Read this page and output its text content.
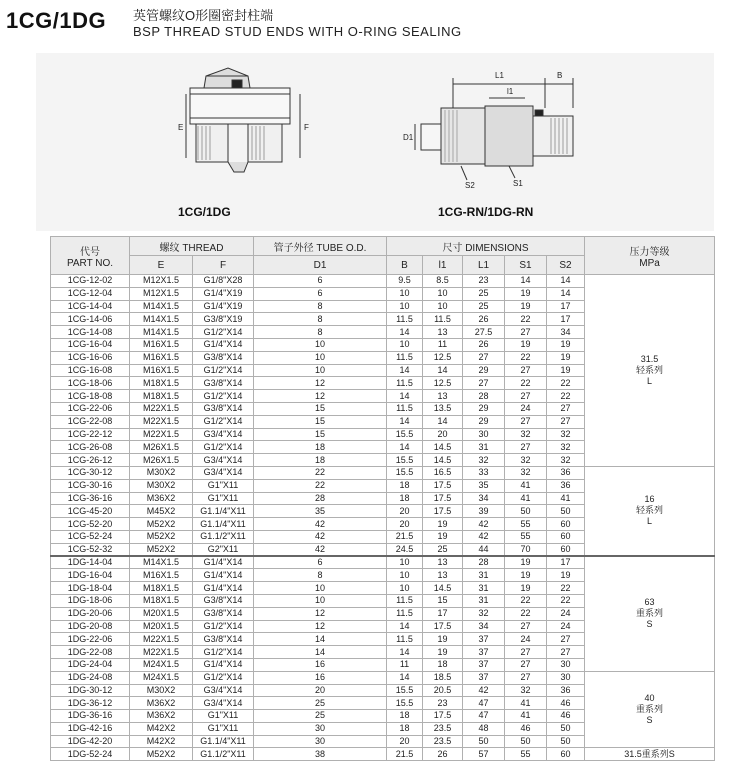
1CG/1DG 英管螺纹O形圈密封柱端
BSP THREAD STUD ENDS WITH O-RING SEALING
E	F
1CG/1DG
L1	B
l1
D1
S1
S2
1CG-RN/1DG-RN
代号
PART NO.	螺纹 THREAD		管子外径 TUBE O.D.	尺寸 DIMENSIONS					压力等级
MPa
	E	F	D1	B	l1	L1	S1	S2	
1CG-12-02	M12X1.5	G1/8"X28	6	9.5	8.5	23	14	14	31.5
轻系列
L
1CG-12-04	M12X1.5	G1/4"X19	6	10	10	25	19	14	
1CG-14-04	M14X1.5	G1/4"X19	8	10	10	25	19	17	
1CG-14-06	M14X1.5	G3/8"X19	8	11.5	11.5	26	22	17	
1CG-14-08	M14X1.5	G1/2"X14	8	14	13	27.5	27	34	
1CG-16-04	M16X1.5	G1/4"X14	10	10	11	26	19	19	
1CG-16-06	M16X1.5	G3/8"X14	10	11.5	12.5	27	22	19	
1CG-16-08	M16X1.5	G1/2"X14	10	14	14	29	27	19	
1CG-18-06	M18X1.5	G3/8"X14	12	11.5	12.5	27	22	22	
1CG-18-08	M18X1.5	G1/2"X14	12	14	13	28	27	22	
1CG-22-06	M22X1.5	G3/8"X14	15	11.5	13.5	29	24	27	
1CG-22-08	M22X1.5	G1/2"X14	15	14	14	29	27	27	
1CG-22-12	M22X1.5	G3/4"X14	15	15.5	20	30	32	32	
1CG-26-08	M26X1.5	G1/2"X14	18	14	14.5	31	27	32	
1CG-26-12	M26X1.5	G3/4"X14	18	15.5	14.5	32	32	32	
1CG-30-12	M30X2	G3/4"X14	22	15.5	16.5	33	32	36	16
轻系列
L
1CG-30-16	M30X2	G1"X11	22	18	17.5	35	41	36	
1CG-36-16	M36X2	G1"X11	28	18	17.5	34	41	41	
1CG-45-20	M45X2	G1.1/4"X11	35	20	17.5	39	50	50	
1CG-52-20	M52X2	G1.1/4"X11	42	20	19	42	55	60	
1CG-52-24	M52X2	G1.1/2"X11	42	21.5	19	42	55	60	
1CG-52-32	M52X2	G2"X11	42	24.5	25	44	70	60	
1DG-14-04	M14X1.5	G1/4"X14	6	10	13	28	19	17	63
重系列
S
1DG-16-04	M16X1.5	G1/4"X14	8	10	13	31	19	19	
1DG-18-04	M18X1.5	G1/4"X14	10	10	14.5	31	19	22	
1DG-18-06	M18X1.5	G3/8"X14	10	11.5	15	31	22	22	
1DG-20-06	M20X1.5	G3/8"X14	12	11.5	17	32	22	24	
1DG-20-08	M20X1.5	G1/2"X14	12	14	17.5	34	27	24	
1DG-22-06	M22X1.5	G3/8"X14	14	11.5	19	37	24	27	
1DG-22-08	M22X1.5	G1/2"X14	14	14	19	37	27	27	
1DG-24-04	M24X1.5	G1/4"X14	16	11	18	37	27	30	
1DG-24-08	M24X1.5	G1/2"X14	16	14	18.5	37	27	30	40
重系列
S
1DG-30-12	M30X2	G3/4"X14	20	15.5	20.5	42	32	36	
1DG-36-12	M36X2	G3/4"X14	25	15.5	23	47	41	46	
1DG-36-16	M36X2	G1"X11	25	18	17.5	47	41	46	
1DG-42-16	M42X2	G1"X11	30	18	23.5	48	46	50	
1DG-42-20	M42X2	G1.1/4"X11	30	20	23.5	50	50	50	
1DG-52-24	M52X2	G1.1/2"X11	38	21.5	26	57	55	60	31.5重系列S
